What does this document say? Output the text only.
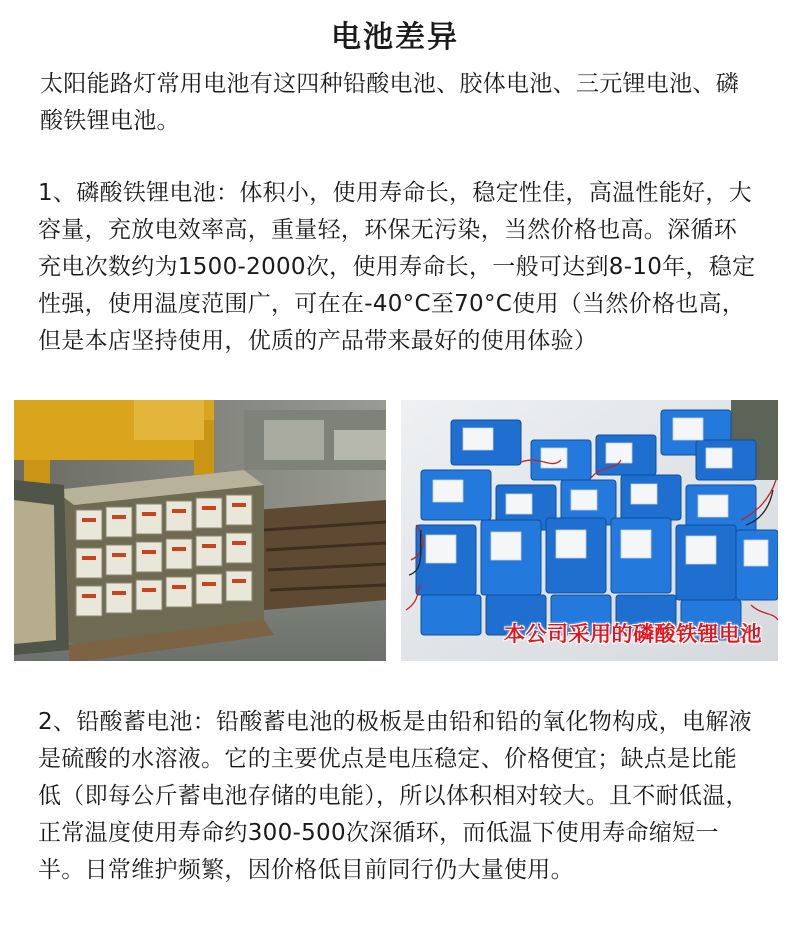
电池差异
太阳能路灯常用电池有这四种铅酸电池、胶体电池、三元锂电池、磷酸铁锂电池。
1、磷酸铁锂电池：体积小，使用寿命长，稳定性佳，高温性能好，大容量，充放电效率高，重量轻，环保无污染，当然价格也高。深循环充电次数约为1500-2000次，使用寿命长，一般可达到8-10年，稳定性强，使用温度范围广，可在在-40°C至70°C使用（当然价格也高，但是本店坚持使用，优质的产品带来最好的使用体验）
本公司采用的磷酸铁锂电池
2、铅酸蓄电池：铅酸蓄电池的极板是由铅和铅的氧化物构成，电解液是硫酸的水溶液。它的主要优点是电压稳定、价格便宜；缺点是比能低（即每公斤蓄电池存储的电能），所以体积相对较大。且不耐低温，正常温度使用寿命约300-500次深循环，而低温下使用寿命缩短一半。日常维护频繁，因价格低目前同行仍大量使用。
